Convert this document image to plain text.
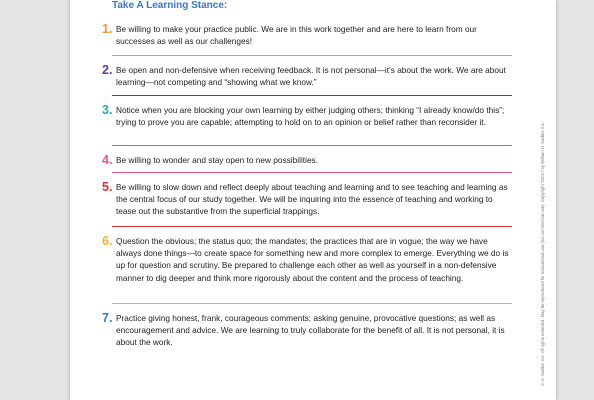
Take A Learning Stance:
1. Be willing to make your practice public. We are in this work together and are here to learn from our successes as well as our challenges!
2. Be open and non-defensive when receiving feedback. It is not personal—it’s about the work. We are about learning—not competing and “showing what we know.”
3. Notice when you are blocking your own learning by either judging others; thinking “I already know/do this”; trying to prove you are capable; attempting to hold on to an opinion or belief rather than reconsider it.
4. Be willing to wonder and stay open to new possibilities.
5. Be willing to slow down and reflect deeply about teaching and learning and to see teaching and learning as the central focus of our study together. We will be inquiring into the essence of teaching and working to tease out the substantive from the superficial trappings.
6. Question the obvious; the status quo; the mandates; the practices that are in vogue; the way we have always done things—to create space for something new and more complex to emerge. Everything we do is up for question and scrutiny. Be prepared to challenge each other as well as yourself in a non-defensive manner to dig deeper and think more rigorously about the content and the process of teaching.
7. Practice giving honest, frank, courageous comments; asking genuine, provocative questions; as well as encouragement and advice. We are learning to truly collaborate for the benefit of all. It is not personal, it is about the work.	m H. Sadlier, Inc. All rights reserved. May be reproduced for educational use (not commercial use). Copyright ©2017 by William H. Sadlier, Inc.
